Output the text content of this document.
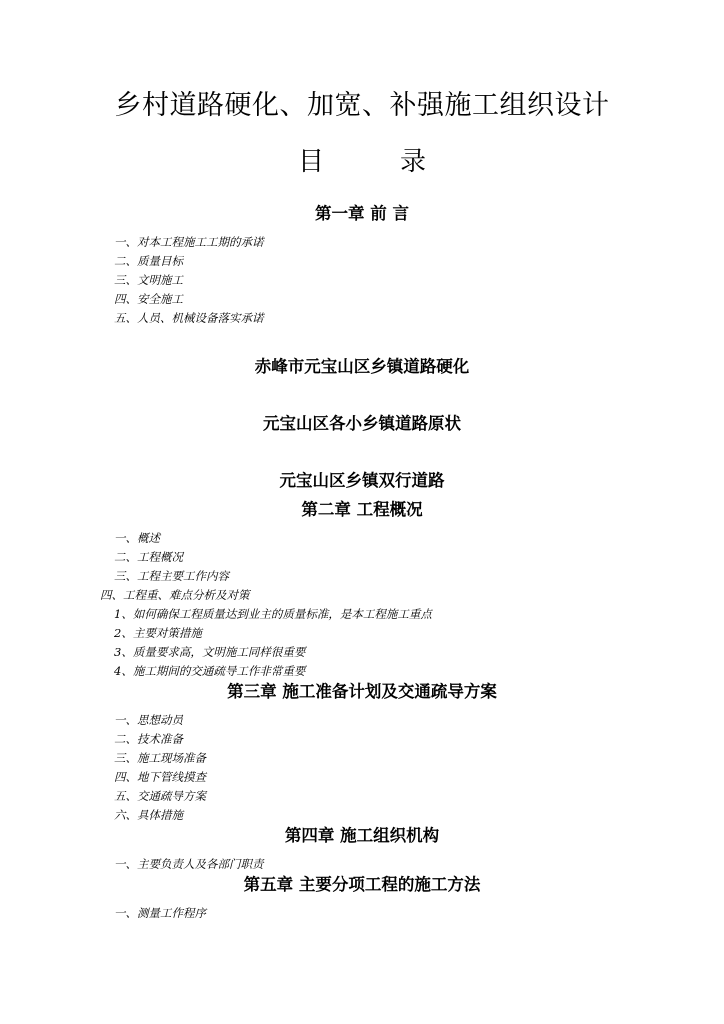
乡村道路硬化、加宽、补强施工组织设计
目	录
第一章 前 言
一、对本工程施工工期的承诺
二、质量目标
三、文明施工
四、安全施工
五、人员、机械设备落实承诺
赤峰市元宝山区乡镇道路硬化
元宝山区各小乡镇道路原状
元宝山区乡镇双行道路
第二章 工程概况
一、概述
二、工程概况
三、工程主要工作内容
四、工程重、难点分析及对策
1、如何确保工程质量达到业主的质量标准，是本工程施工重点
2、主要对策措施
3、质量要求高，文明施工同样很重要
4、施工期间的交通疏导工作非常重要
第三章 施工准备计划及交通疏导方案
一、思想动员
二、技术准备
三、施工现场准备
四、地下管线摸查
五、交通疏导方案
六、具体措施
第四章 施工组织机构
一、主要负责人及各部门职责
第五章 主要分项工程的施工方法
一、测量工作程序
